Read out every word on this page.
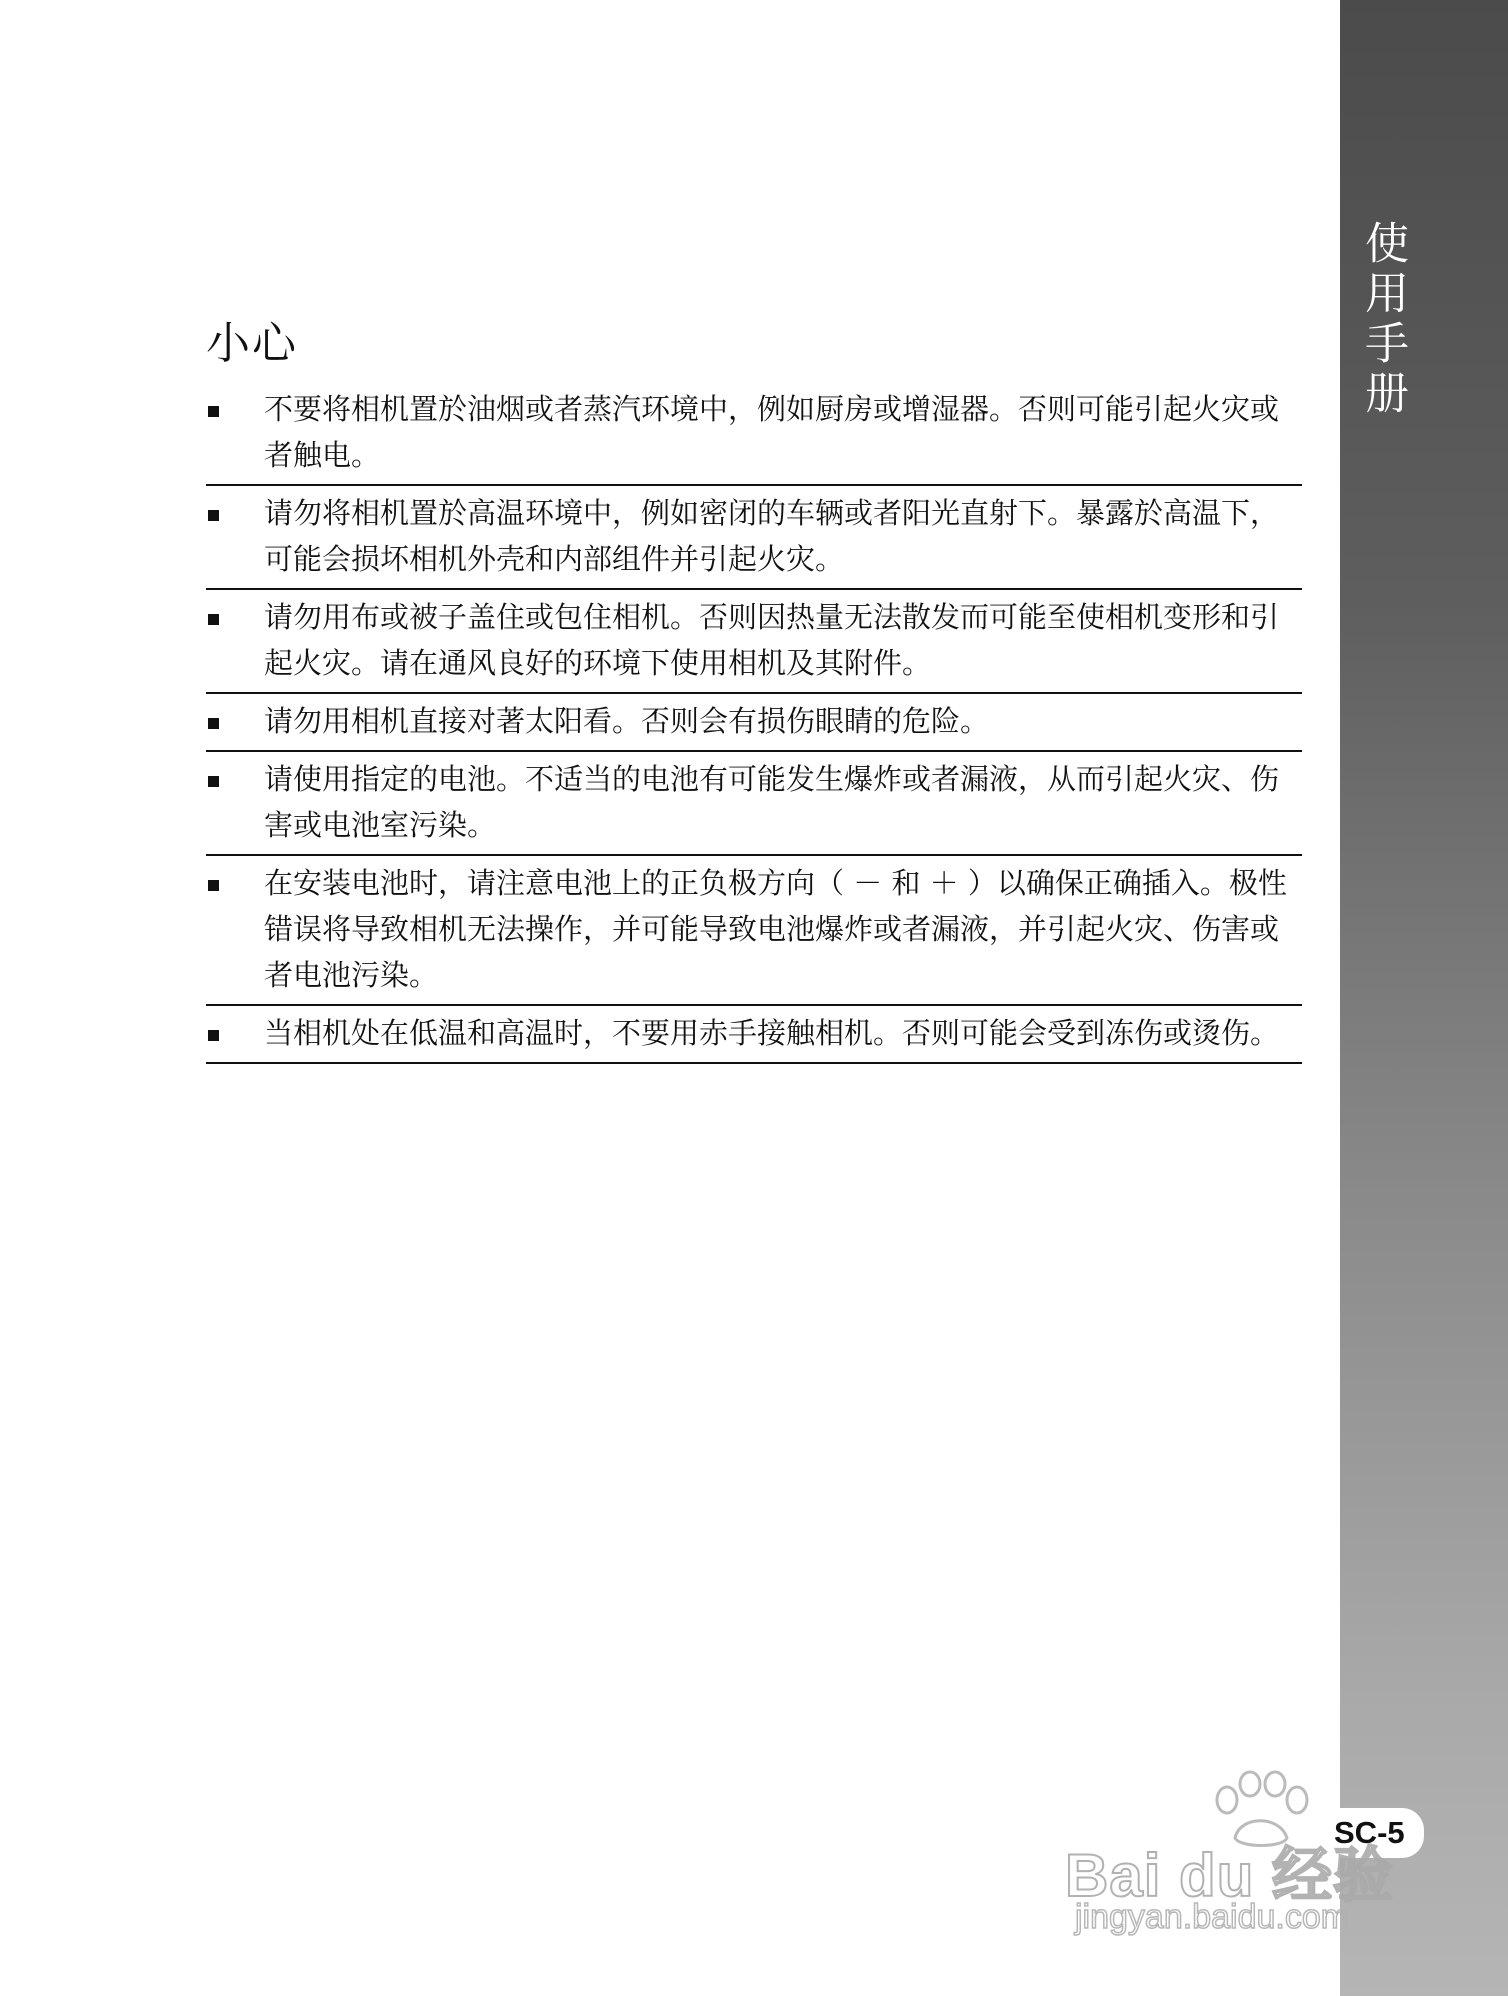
使用手册 >>
SC-5
小心
不要将相机置於油烟或者蒸汽环境中，例如厨房或增湿器。否则可能引起火灾或者触电。
请勿将相机置於高温环境中，例如密闭的车辆或者阳光直射下。暴露於高温下，可能会损坏相机外壳和内部组件并引起火灾。
请勿用布或被子盖住或包住相机。否则因热量无法散发而可能至使相机变形和引起火灾。请在通风良好的环境下使用相机及其附件。
请勿用相机直接对著太阳看。否则会有损伤眼睛的危险。
请使用指定的电池。不适当的电池有可能发生爆炸或者漏液，从而引起火灾、伤害或电池室污染。
在安装电池时，请注意电池上的正负极方向（ － 和 ＋ ）以确保正确插入。极性错误将导致相机无法操作，并可能导致电池爆炸或者漏液，并引起火灾、伤害或者电池污染。
当相机处在低温和高温时，不要用赤手接触相机。否则可能会受到冻伤或烫伤。
Bai du 经验
jingyan.baidu.com
